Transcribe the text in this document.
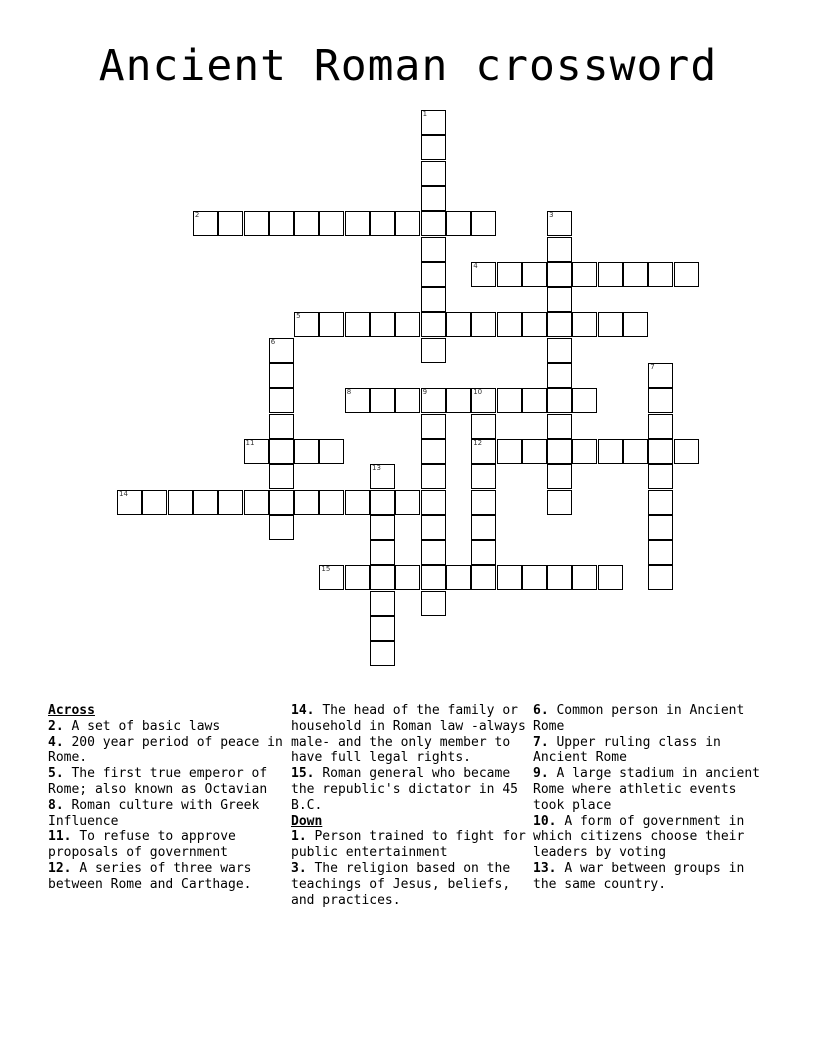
Ancient Roman crossword
1
2	3
4
5
6
7
8	9	10
12
11
13
14
15
Across
2. A set of basic laws
4. 200 year period of peace in Rome.
5. The first true emperor of Rome; also known as Octavian
8. Roman culture with Greek Influence
11. To refuse to approve proposals of government
12. A series of three wars between Rome and Carthage.
14. The head of the family or household in Roman law -always male- and the only member to have full legal rights.
15. Roman general who became the republic's dictator in 45 B.C.
Down
1. Person trained to fight for public entertainment
3. The religion based on the teachings of Jesus, beliefs, and practices.
6. Common person in Ancient Rome
7. Upper ruling class in Ancient Rome
9. A large stadium in ancient Rome where athletic events took place
10. A form of government in which citizens choose their leaders by voting
13. A war between groups in the same country.
